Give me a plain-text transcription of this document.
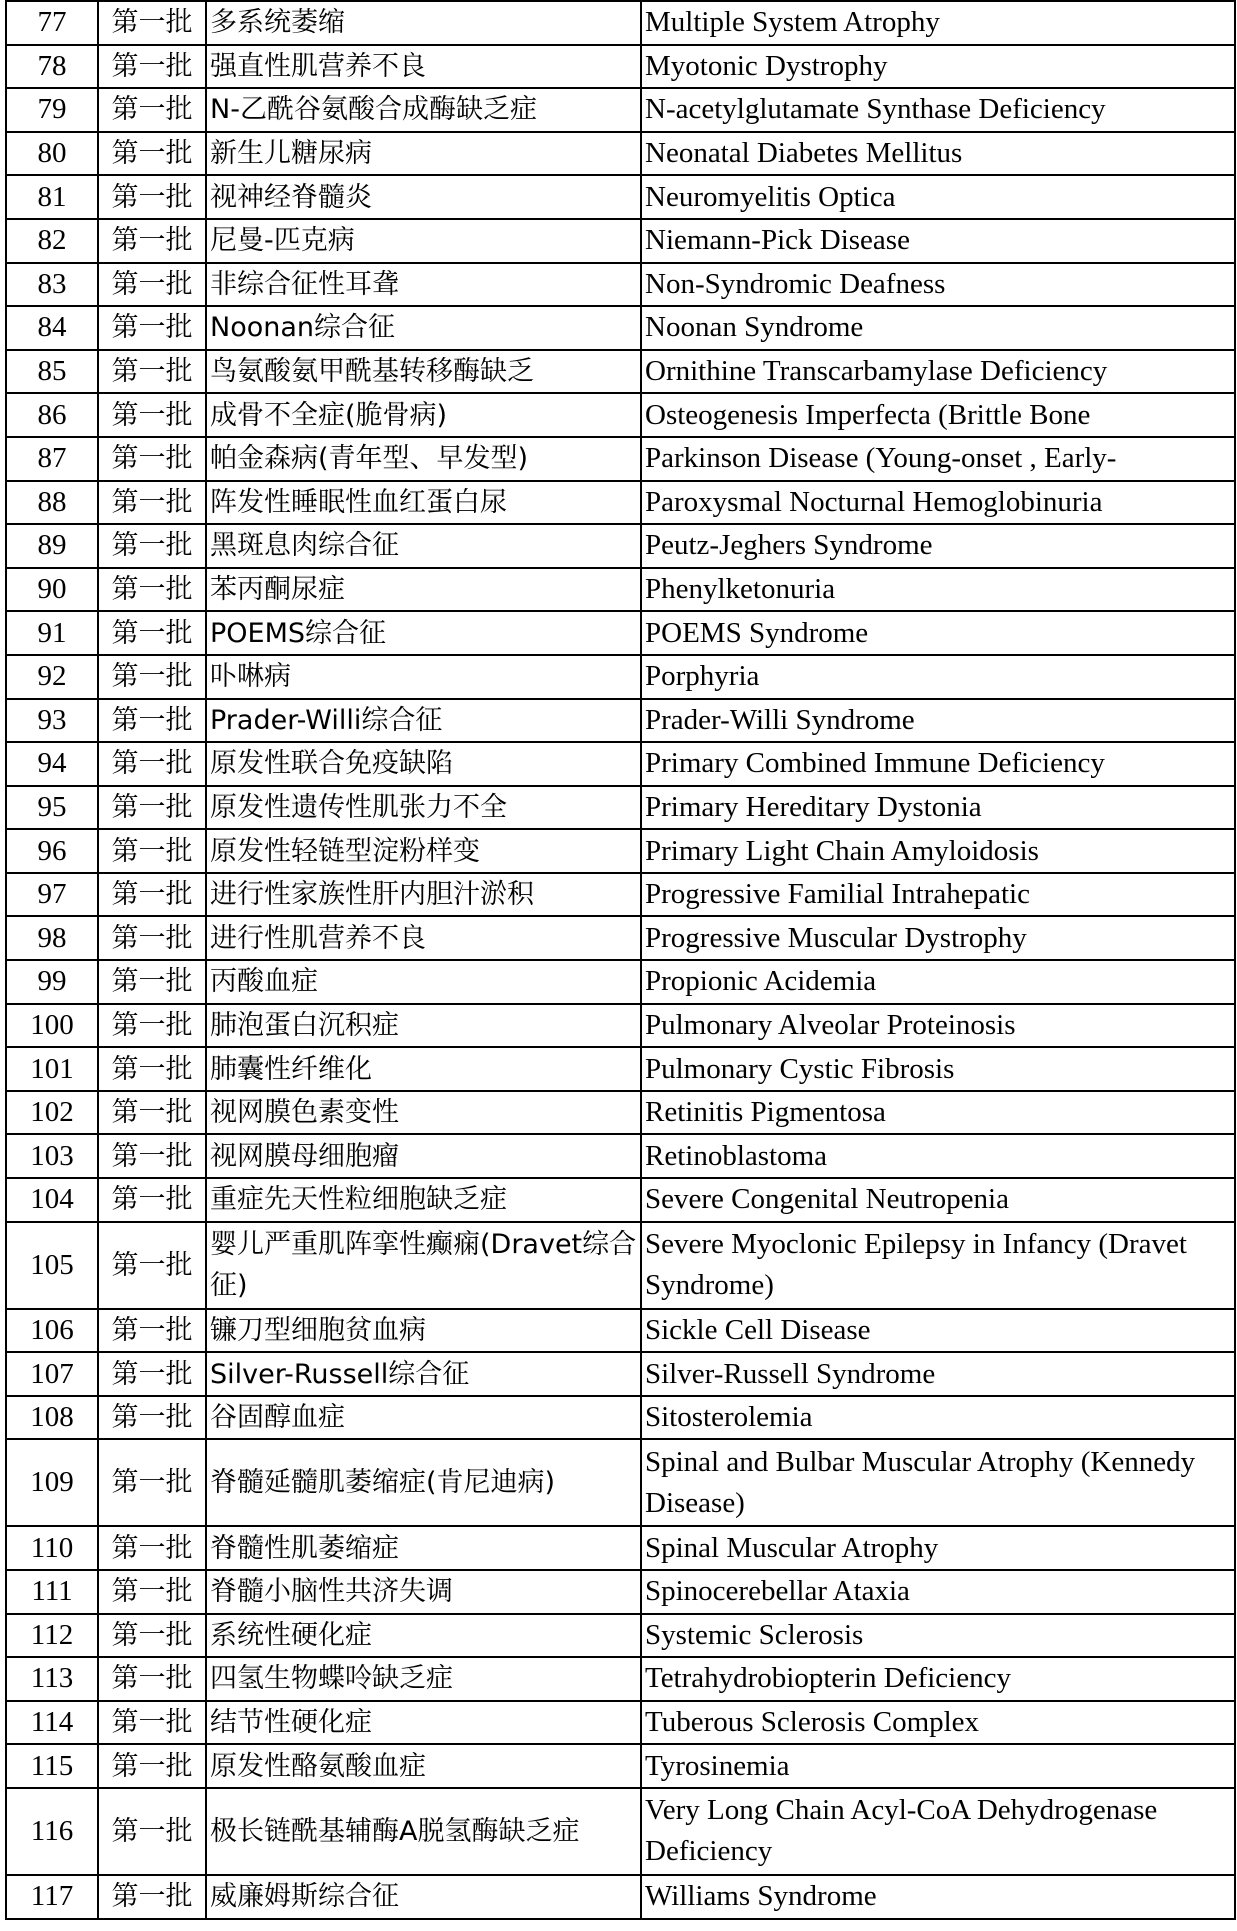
77	第一批	多系统萎缩	Multiple System Atrophy
78	第一批	强直性肌营养不良	Myotonic Dystrophy
79	第一批	N-乙酰谷氨酸合成酶缺乏症	N-acetylglutamate Synthase Deficiency
80	第一批	新生儿糖尿病	Neonatal Diabetes Mellitus
81	第一批	视神经脊髓炎	Neuromyelitis Optica
82	第一批	尼曼-匹克病	Niemann-Pick Disease
83	第一批	非综合征性耳聋	Non-Syndromic Deafness
84	第一批	Noonan综合征	Noonan Syndrome
85	第一批	鸟氨酸氨甲酰基转移酶缺乏	Ornithine Transcarbamylase Deficiency
86	第一批	成骨不全症(脆骨病)	Osteogenesis Imperfecta (Brittle Bone
87	第一批	帕金森病(青年型、早发型)	Parkinson Disease (Young-onset , Early-
88	第一批	阵发性睡眠性血红蛋白尿	Paroxysmal Nocturnal Hemoglobinuria
89	第一批	黑斑息肉综合征	Peutz-Jeghers Syndrome
90	第一批	苯丙酮尿症	Phenylketonuria
91	第一批	POEMS综合征	POEMS Syndrome
92	第一批	卟啉病	Porphyria
93	第一批	Prader-Willi综合征	Prader-Willi Syndrome
94	第一批	原发性联合免疫缺陷	Primary Combined Immune Deficiency
95	第一批	原发性遗传性肌张力不全	Primary Hereditary Dystonia
96	第一批	原发性轻链型淀粉样变	Primary Light Chain Amyloidosis
97	第一批	进行性家族性肝内胆汁淤积	Progressive Familial Intrahepatic
98	第一批	进行性肌营养不良	Progressive Muscular Dystrophy
99	第一批	丙酸血症	Propionic Acidemia
100	第一批	肺泡蛋白沉积症	Pulmonary Alveolar Proteinosis
101	第一批	肺囊性纤维化	Pulmonary Cystic Fibrosis
102	第一批	视网膜色素变性	Retinitis Pigmentosa
103	第一批	视网膜母细胞瘤	Retinoblastoma
104	第一批	重症先天性粒细胞缺乏症	Severe Congenital Neutropenia
105	第一批	婴儿严重肌阵挛性癫痫(Dravet综合征)	Severe Myoclonic Epilepsy in Infancy (Dravet Syndrome)
106	第一批	镰刀型细胞贫血病	Sickle Cell Disease
107	第一批	Silver-Russell综合征	Silver-Russell Syndrome
108	第一批	谷固醇血症	Sitosterolemia
109	第一批	脊髓延髓肌萎缩症(肯尼迪病)	Spinal and Bulbar Muscular Atrophy (Kennedy Disease)
110	第一批	脊髓性肌萎缩症	Spinal Muscular Atrophy
111	第一批	脊髓小脑性共济失调	Spinocerebellar Ataxia
112	第一批	系统性硬化症	Systemic Sclerosis
113	第一批	四氢生物蝶呤缺乏症	Tetrahydrobiopterin Deficiency
114	第一批	结节性硬化症	Tuberous Sclerosis Complex
115	第一批	原发性酪氨酸血症	Tyrosinemia
116	第一批	极长链酰基辅酶A脱氢酶缺乏症	Very Long Chain Acyl-CoA Dehydrogenase Deficiency
117	第一批	威廉姆斯综合征	Williams Syndrome
